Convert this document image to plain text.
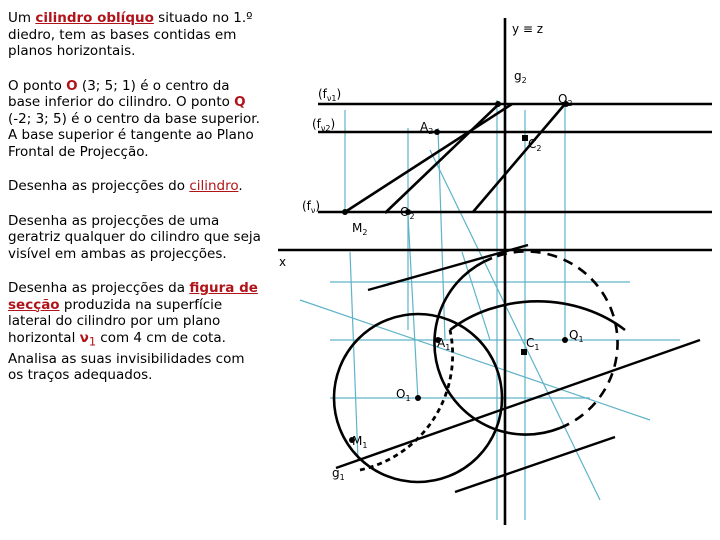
Um cilindro oblíquo situado no 1.º diedro, tem as bases contidas em planos horizontais.

O ponto O (3; 5; 1) é o centro da base inferior do cilindro. O ponto Q (-2; 3; 5) é o centro da base superior. A base superior é tangente ao Plano Frontal de Projecção.

Desenha as projecções do cilindro.

Desenha as projecções de uma geratriz qualquer do cilindro que seja visível em ambas as projecções.

Desenha as projecções da figura de secção produzida na superfície lateral do cilindro por um plano horizontal $\nu_1$ com 4 cm de cota. Analisa as suas invisibilidades com os traços adequados.

y ≡ z
x
$g_2$
$Q_2$
$C_2$
$A_2$
$O_2$
$M_2$
$(f_{\nu 1})$
$(f_{\nu 2})$
$(f_\nu)$
$A_1$	$C_1$
$Q_1$
$O_1$
$M_1$
$g_1$
